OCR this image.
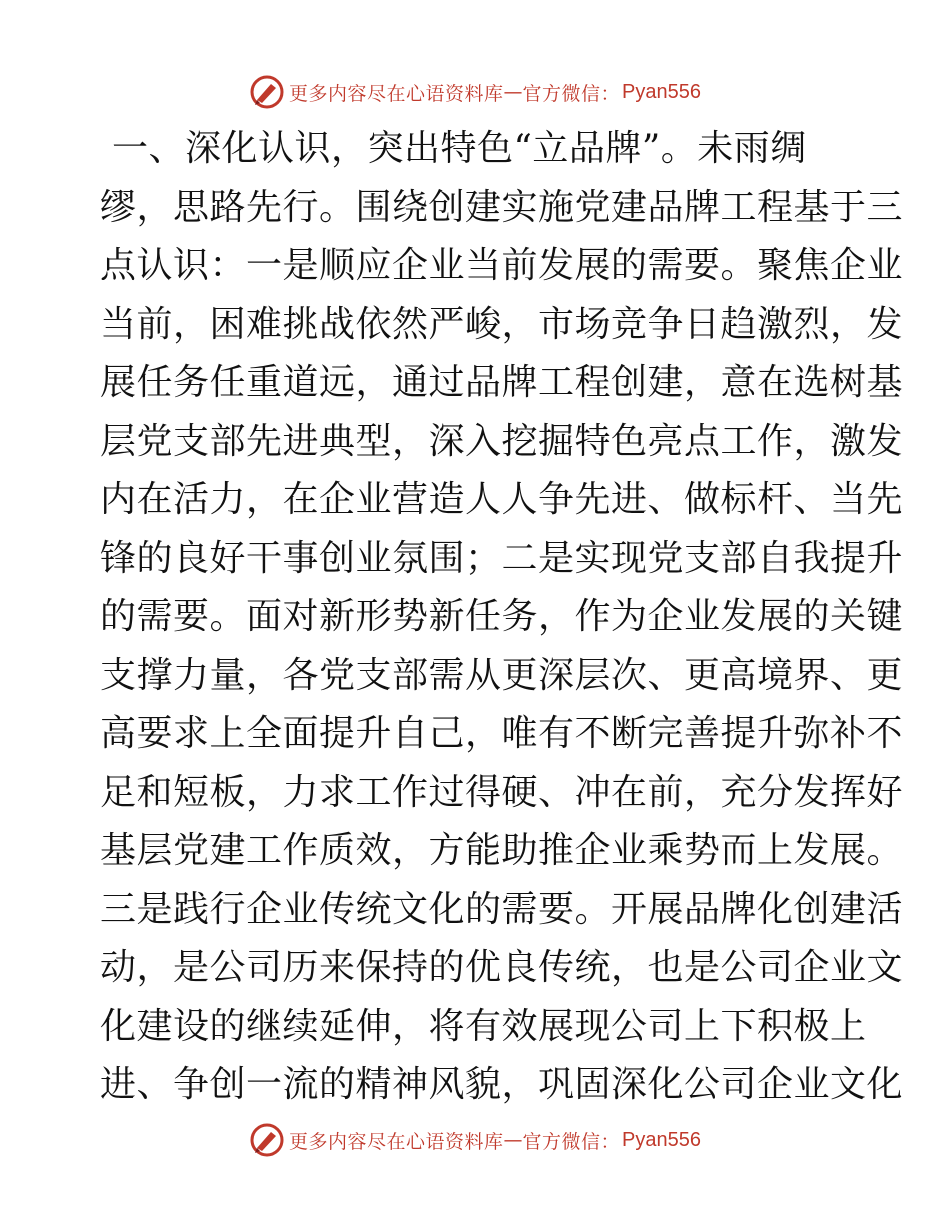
更多内容尽在心语资料库 — 官方微信： Pyan556
一、深化认识，突出特色“立品牌”。未雨绸
缪，思路先行。围绕创建实施党建品牌工程基于三
点认识：一是顺应企业当前发展的需要。聚焦企业
当前，困难挑战依然严峻，市场竞争日趋激烈，发
展任务任重道远，通过品牌工程创建，意在选树基
层党支部先进典型，深入挖掘特色亮点工作，激发
内在活力，在企业营造人人争先进、做标杆、当先
锋的良好干事创业氛围；二是实现党支部自我提升
的需要。面对新形势新任务，作为企业发展的关键
支撑力量，各党支部需从更深层次、更高境界、更
高要求上全面提升自己，唯有不断完善提升弥补不
足和短板，力求工作过得硬、冲在前，充分发挥好
基层党建工作质效，方能助推企业乘势而上发展。
三是践行企业传统文化的需要。开展品牌化创建活
动，是公司历来保持的优良传统，也是公司企业文
化建设的继续延伸，将有效展现公司上下积极上
进、争创一流的精神风貌，巩固深化公司企业文化
更多内容尽在心语资料库 — 官方微信： Pyan556
